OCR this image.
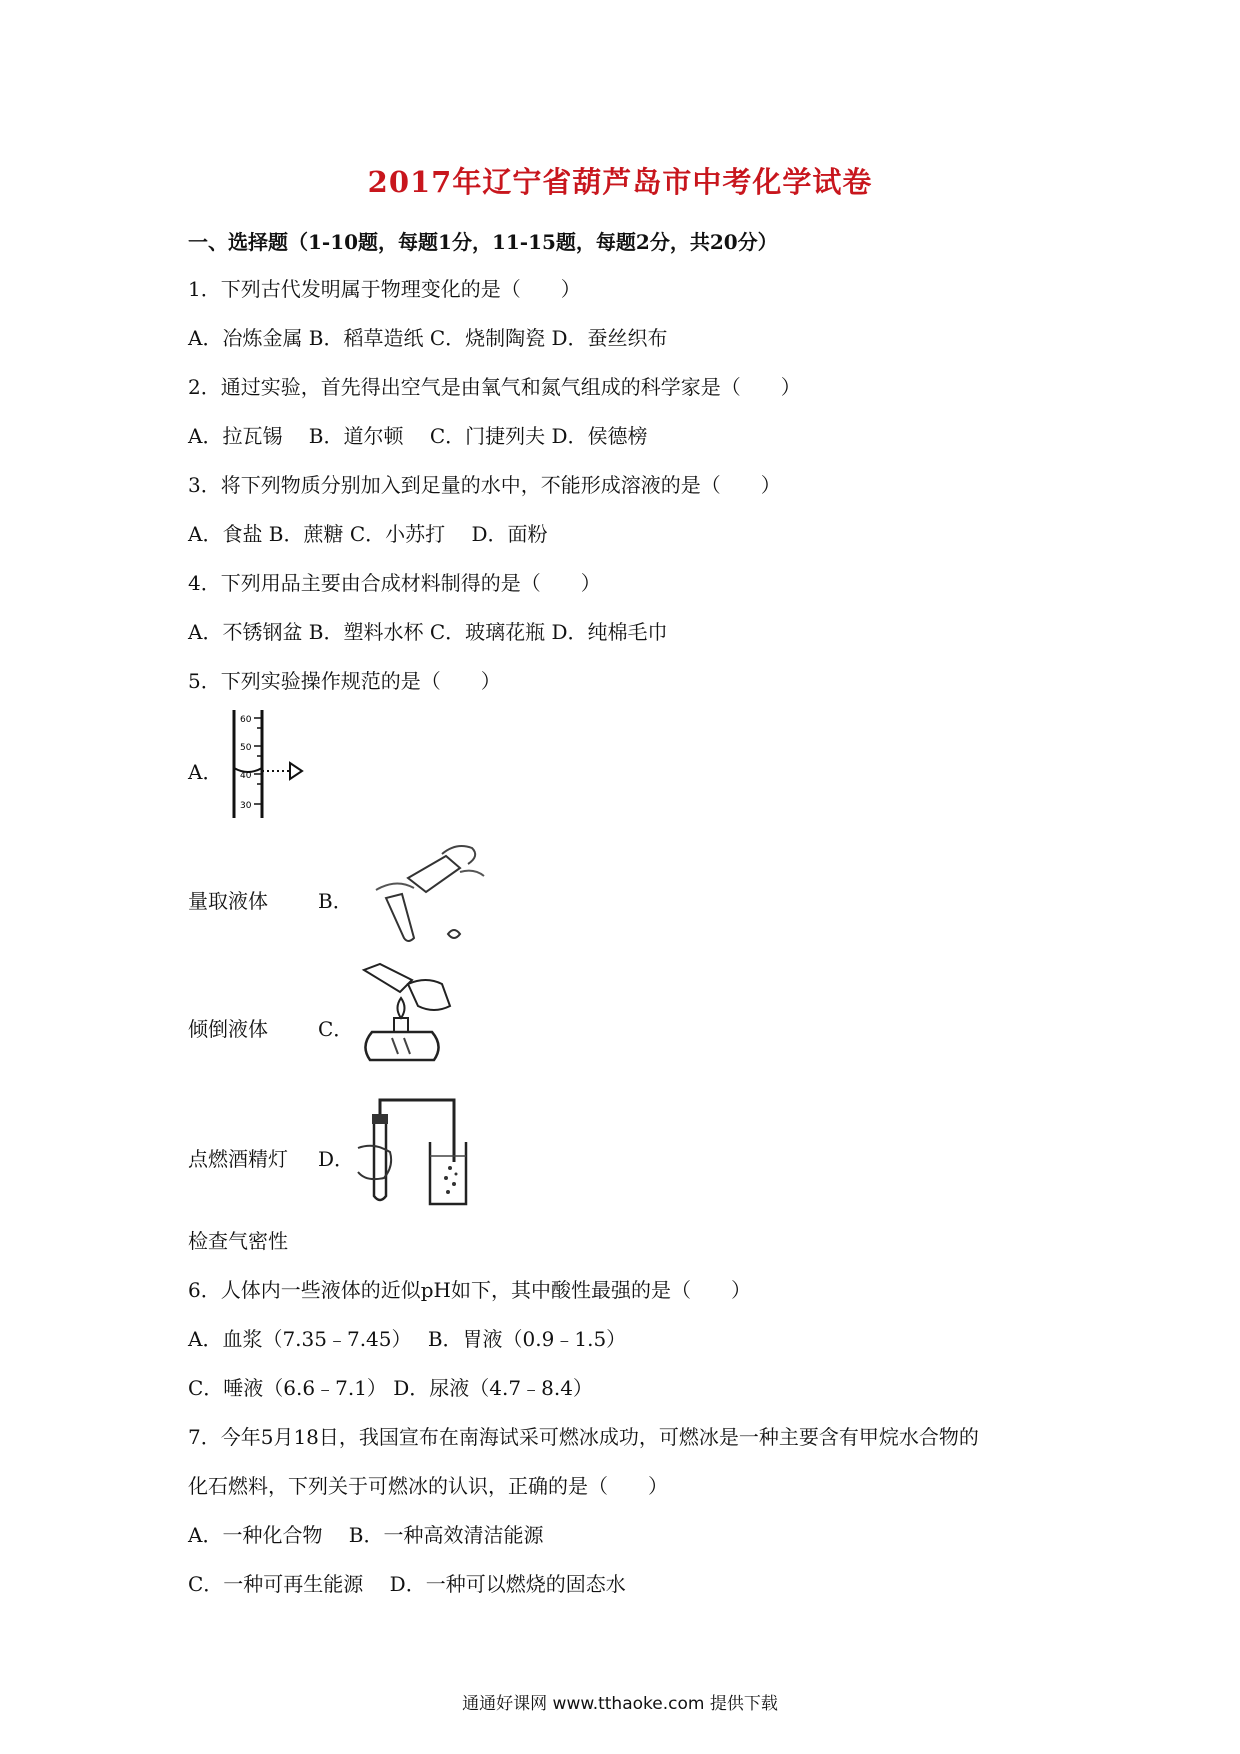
2017年辽宁省葫芦岛市中考化学试卷
一、选择题（1-10题，每题1分，11-15题，每题2分，共20分）
1．下列古代发明属于物理变化的是（　　）
A．冶炼金属 B．稻草造纸 C．烧制陶瓷 D．蚕丝织布
2．通过实验，首先得出空气是由氧气和氮气组成的科学家是（　　）
A．拉瓦锡　 B．道尔顿　 C．门捷列夫 D．侯德榜
3．将下列物质分别加入到足量的水中，不能形成溶液的是（　　）
A．食盐 B．蔗糖 C．小苏打　 D．面粉
4．下列用品主要由合成材料制得的是（　　）
A．不锈钢盆 B．塑料水杯 C．玻璃花瓶 D．纯棉毛巾
5．下列实验操作规范的是（　　）
A．
60
50
40
30
量取液体	B．
倾倒液体	C．
点燃酒精灯 D．
检查气密性
6．人体内一些液体的近似pH如下，其中酸性最强的是（　　）
A．血浆（7.35﹣7.45）　 B．胃液（0.9﹣1.5）
C．唾液（6.6﹣7.1） D．尿液（4.7﹣8.4）
7．今年5月18日，我国宣布在南海试采可燃冰成功，可燃冰是一种主要含有甲烷水合物的
化石燃料，下列关于可燃冰的认识，正确的是（　　）
A．一种化合物　 B．一种高效清洁能源
C．一种可再生能源　 D．一种可以燃烧的固态水
通通好课网 www.tthaoke.com 提供下载
